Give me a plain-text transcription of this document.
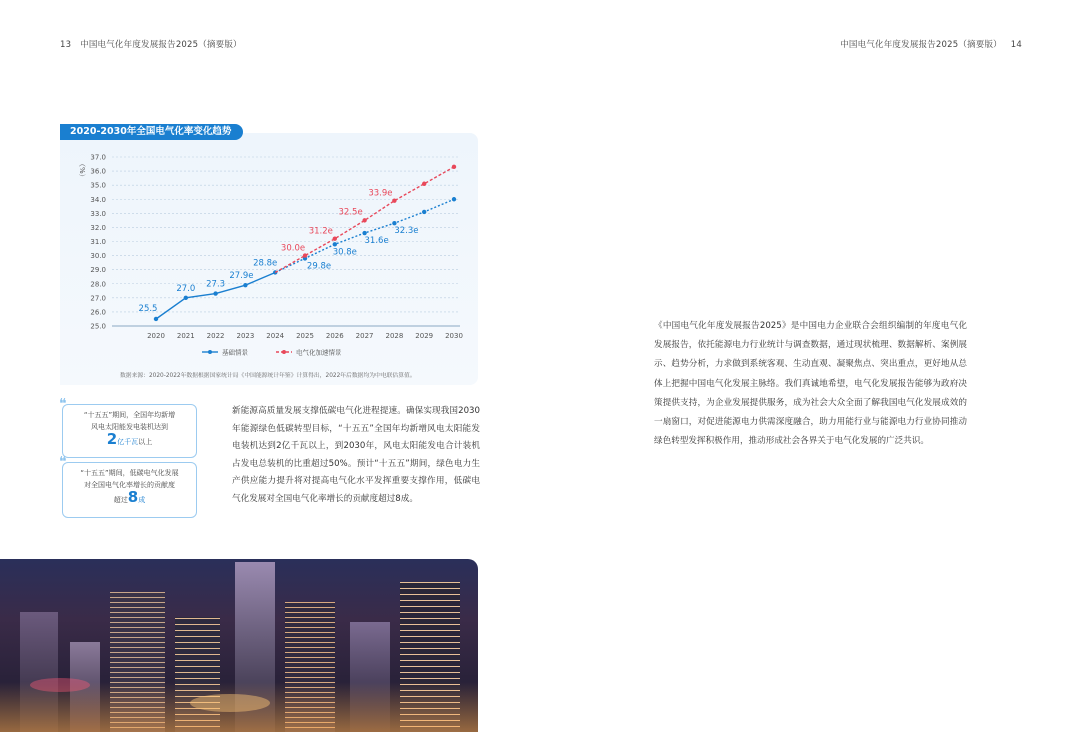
13 中国电气化年度发展报告2025（摘要版）	中国电气化年度发展报告2025（摘要版） 14
2020-2030年全国电气化率变化趋势
25.0
26.0
27.0
28.0
29.0
30.0
31.0
32.0
33.0
34.0
35.0
36.0
37.0
（%）
2020 2021 2022 2023 2024 2025 2026 2027 2028 2029 2030
25.5
27.0 27.3
27.9e
28.8e	29.8e
30.8e
31.6e
32.3e
30.0e
31.2e
32.5e
33.9e
基础情景	电气化加速情景
数据来源：2020-2022年数据根据国家统计局《中国能源统计年鉴》计算得出，2022年后数据均为中电联估算值。
❝
“十五五”期间，全国年均新增
风电太阳能发电装机达到
2亿千瓦以上
❝
“十五五”期间，低碳电气化发展
对全国电气化率增长的贡献度
超过8成
新能源高质量发展支撑低碳电气化进程提速。确保实现我国2030年能源绿色低碳转型目标，“十五五”全国年均新增风电太阳能发电装机达到2亿千瓦以上，到2030年，风电太阳能发电合计装机占发电总装机的比重超过50%。预计“十五五”期间，绿色电力生产供应能力提升将对提高电气化水平发挥重要支撑作用，低碳电气化发展对全国电气化率增长的贡献度超过8成。
《中国电气化年度发展报告2025》是中国电力企业联合会组织编制的年度电气化发展报告，依托能源电力行业统计与调查数据，通过现状梳理、数据解析、案例展示、趋势分析，力求做到系统客观、生动直观、凝聚焦点、突出重点，更好地从总体上把握中国电气化发展主脉络。我们真诚地希望，电气化发展报告能够为政府决策提供支持，为企业发展提供服务，成为社会大众全面了解我国电气化发展成效的一扇窗口，对促进能源电力供需深度融合，助力用能行业与能源电力行业协同推动绿色转型发挥积极作用，推动形成社会各界关于电气化发展的广泛共识。
